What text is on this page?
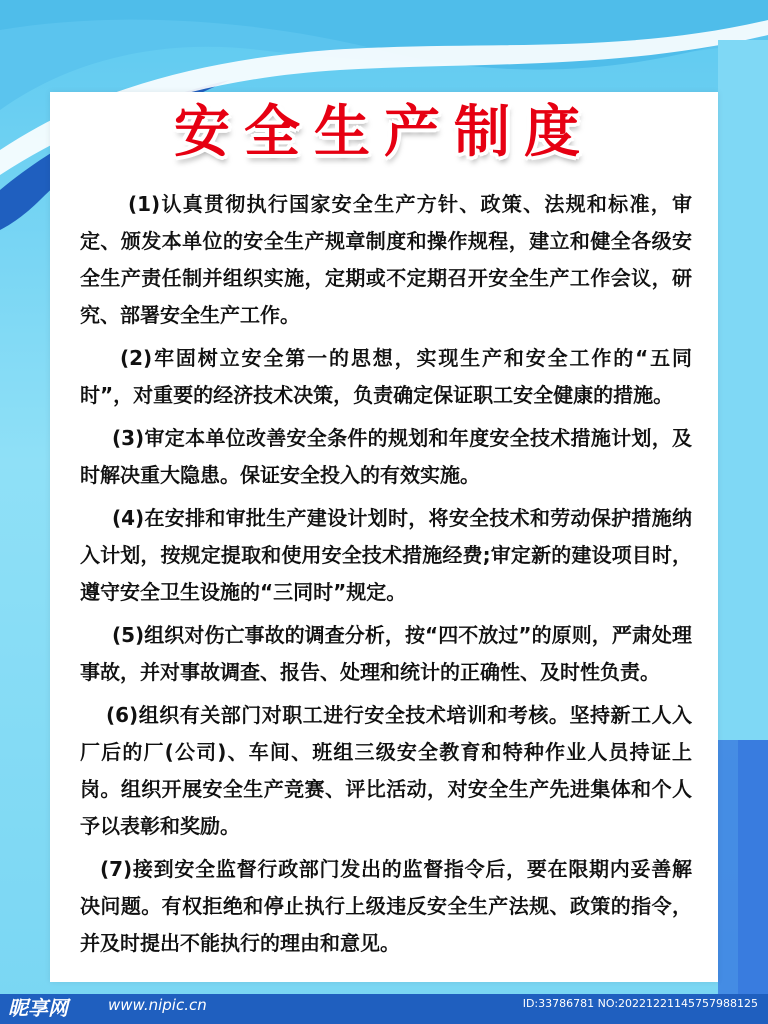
安全生产制度

(1)认真贯彻执行国家安全生产方针、政策、法规和标准，审定、颁发本单位的安全生产规章制度和操作规程，建立和健全各级安全生产责任制并组织实施，定期或不定期召开安全生产工作会议，研究、部署安全生产工作。

(2)牢固树立安全第一的思想，实现生产和安全工作的“五同时”，对重要的经济技术决策，负责确定保证职工安全健康的措施。

(3)审定本单位改善安全条件的规划和年度安全技术措施计划，及时解决重大隐患。保证安全投入的有效实施。

(4)在安排和审批生产建设计划时，将安全技术和劳动保护措施纳入计划，按规定提取和使用安全技术措施经费;审定新的建设项目时，遵守安全卫生设施的“三同时”规定。

(5)组织对伤亡事故的调查分析，按“四不放过”的原则，严肃处理事故，并对事故调查、报告、处理和统计的正确性、及时性负责。

(6)组织有关部门对职工进行安全技术培训和考核。坚持新工人入厂后的厂(公司)、车间、班组三级安全教育和特种作业人员持证上岗。组织开展安全生产竞赛、评比活动，对安全生产先进集体和个人予以表彰和奖励。

(7)接到安全监督行政部门发出的监督指令后，要在限期内妥善解决问题。有权拒绝和停止执行上级违反安全生产法规、政策的指令，并及时提出不能执行的理由和意见。

昵享网	www.nipic.cn	ID:33786781 NO:20221221145757988125
